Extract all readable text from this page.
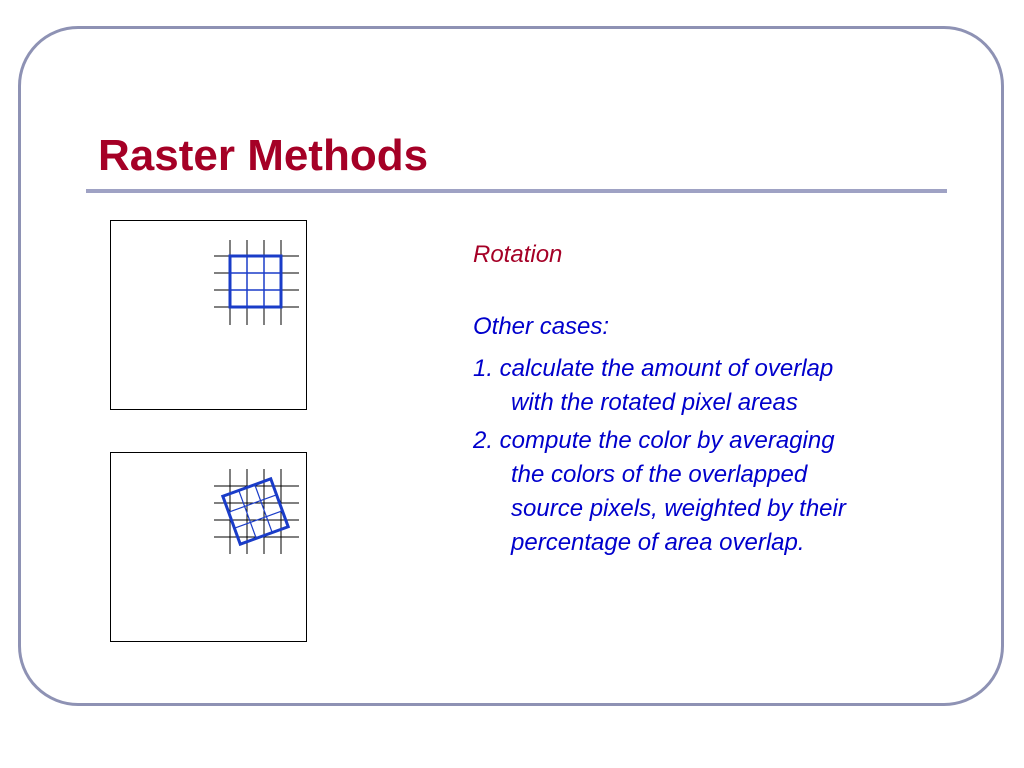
Raster Methods

Rotation

Other cases:

1. calculate the amount of overlap
with the rotated pixel areas

2. compute the color by averaging
the colors of the overlapped
source pixels, weighted by their
percentage of area overlap.
